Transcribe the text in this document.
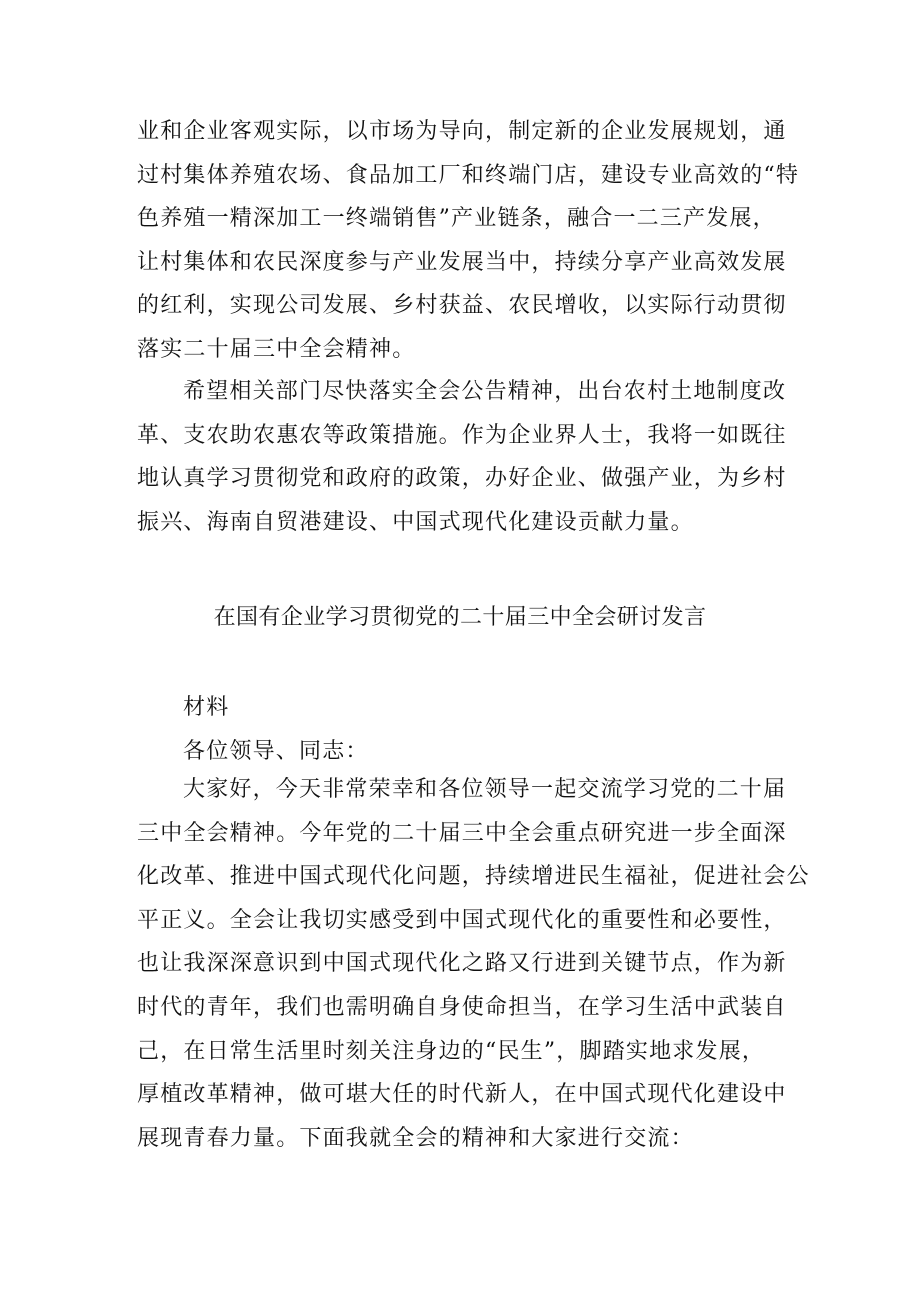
业和企业客观实际，以市场为导向，制定新的企业发展规划，通
过村集体养殖农场、食品加工厂和终端门店，建设专业高效的“特
色养殖一精深加工一终端销售”产业链条，融合一二三产发展，
让村集体和农民深度参与产业发展当中，持续分享产业高效发展
的红利，实现公司发展、乡村获益、农民增收，以实际行动贯彻
落实二十届三中全会精神。
希望相关部门尽快落实全会公告精神，出台农村土地制度改
革、支农助农惠农等政策措施。作为企业界人士，我将一如既往
地认真学习贯彻党和政府的政策，办好企业、做强产业，为乡村
振兴、海南自贸港建设、中国式现代化建设贡献力量。
在国有企业学习贯彻党的二十届三中全会研讨发言
材料
各位领导、同志：
大家好，今天非常荣幸和各位领导一起交流学习党的二十届
三中全会精神。今年党的二十届三中全会重点研究进一步全面深
化改革、推进中国式现代化问题，持续增进民生福祉，促进社会公
平正义。全会让我切实感受到中国式现代化的重要性和必要性，
也让我深深意识到中国式现代化之路又行进到关键节点，作为新
时代的青年，我们也需明确自身使命担当，在学习生活中武装自
己，在日常生活里时刻关注身边的“民生”，脚踏实地求发展，
厚植改革精神，做可堪大任的时代新人，在中国式现代化建设中
展现青春力量。下面我就全会的精神和大家进行交流：
